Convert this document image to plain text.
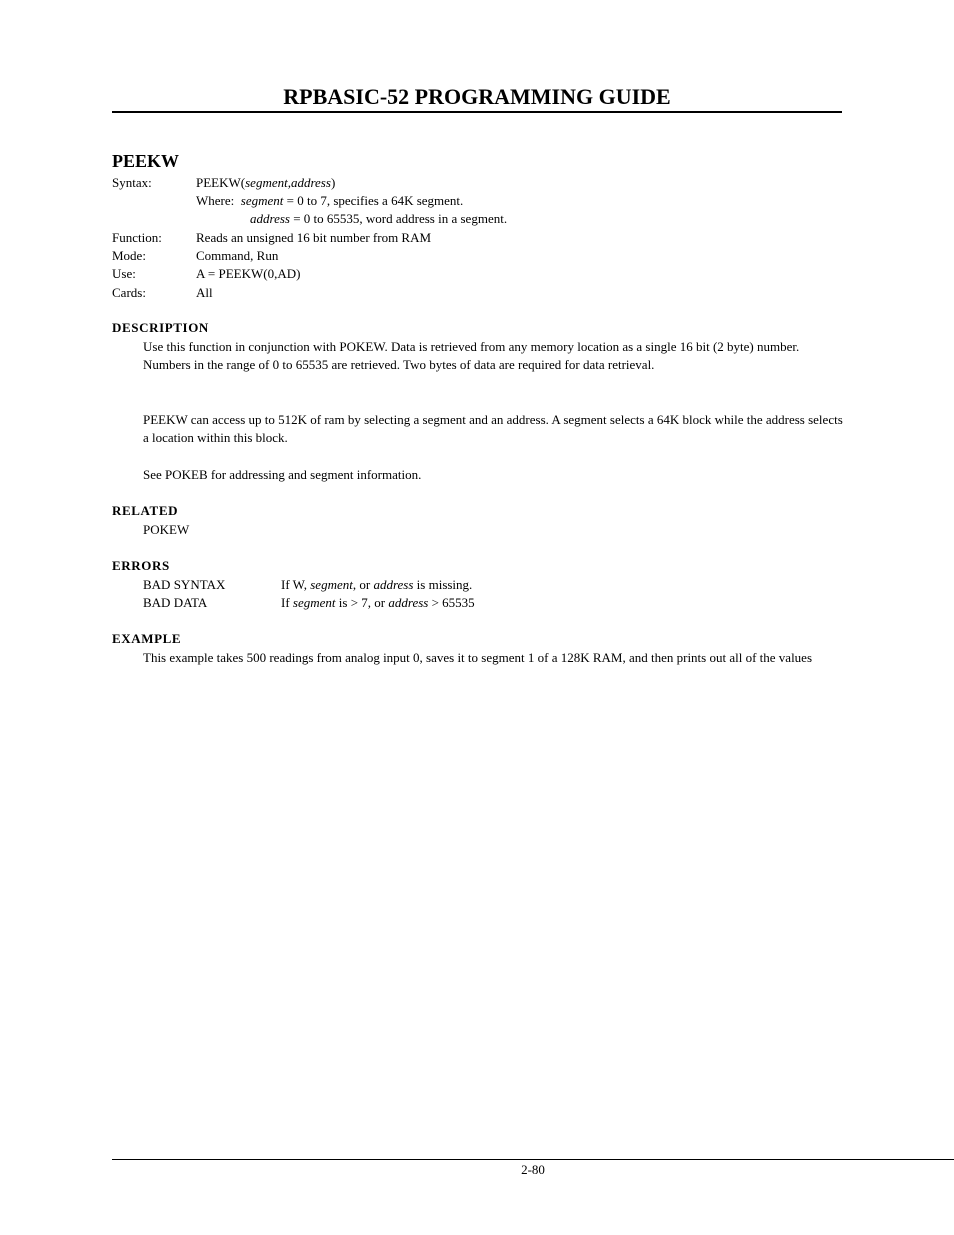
RPBASIC-52 PROGRAMMING GUIDE
PEEKW
Syntax:	PEEKW(segment,address)
Where: segment = 0 to 7, specifies a 64K segment.
address = 0 to 65535, word address in a segment.
Function:	Reads an unsigned 16 bit number from RAM
Mode:	Command, Run
Use:	A = PEEKW(0,AD)
Cards:	All
DESCRIPTION
Use this function in conjunction with POKEW. Data is retrieved from any memory location as a single 16 bit (2 byte) number. Numbers in the range of 0 to 65535 are retrieved. Two bytes of data are required for data retrieval.
PEEKW can access up to 512K of ram by selecting a segment and an address. A segment selects a 64K block while the address selects a location within this block.
See POKEB for addressing and segment information.
RELATED
POKEW
ERRORS
BAD SYNTAX	If W, segment, or address is missing.
BAD DATA	If segment is > 7, or address > 65535
EXAMPLE
This example takes 500 readings from analog input 0, saves it to segment 1 of a 128K RAM, and then prints out all of the values
2-80
